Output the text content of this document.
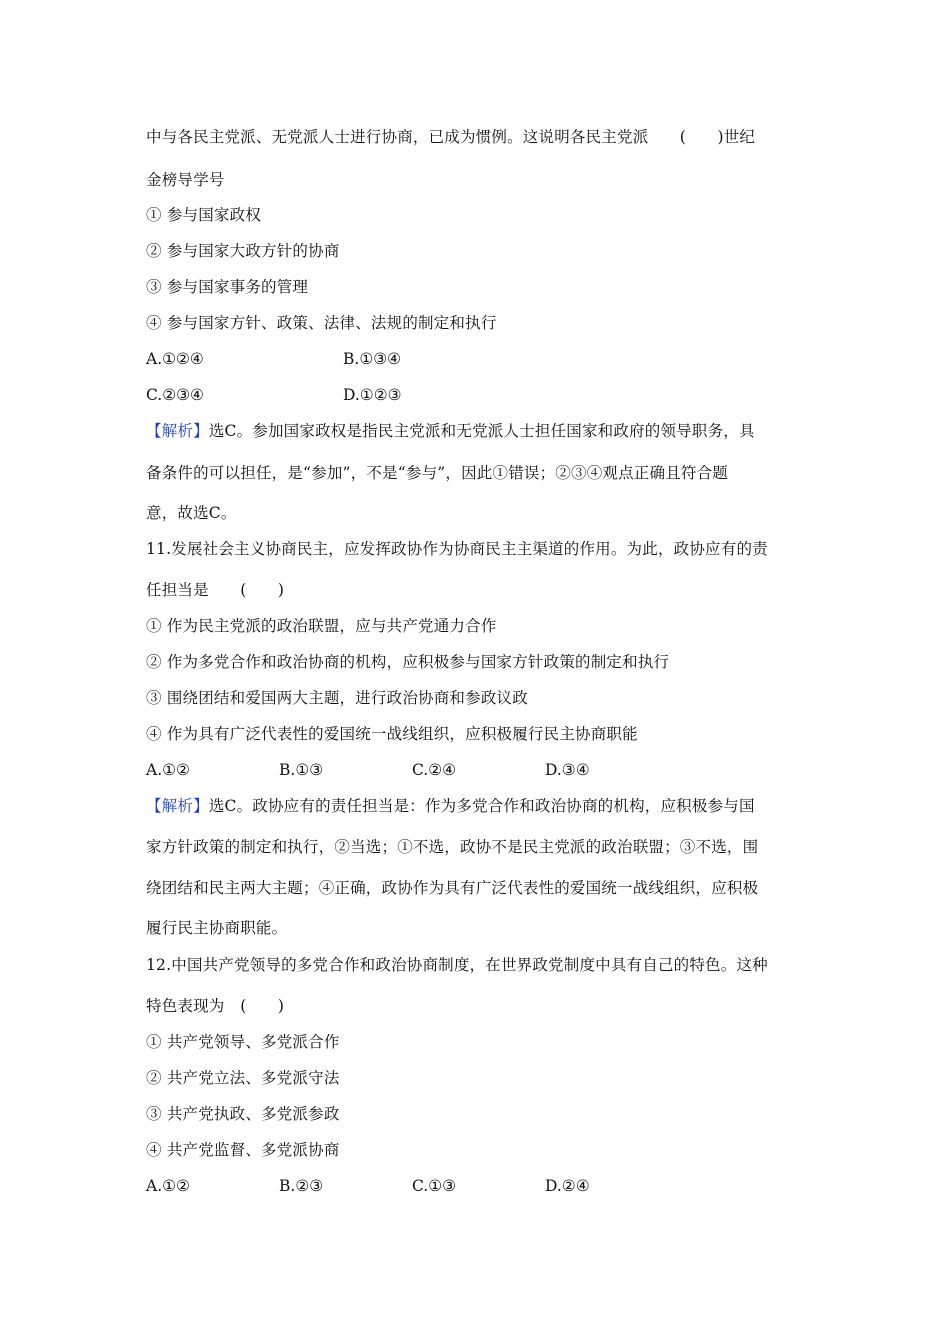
中与各民主党派、无党派人士进行协商，已成为惯例。这说明各民主党派　　(　　)世纪
金榜导学号
① 参与国家政权
② 参与国家大政方针的协商
③ 参与国家事务的管理
④ 参与国家方针、政策、法律、法规的制定和执行
A.①②④	B.①③④
C.②③④	D.①②③
【解析】选C。参加国家政权是指民主党派和无党派人士担任国家和政府的领导职务，具
备条件的可以担任，是“参加”，不是“参与”，因此①错误；②③④观点正确且符合题
意，故选C。
11.发展社会主义协商民主，应发挥政协作为协商民主主渠道的作用。为此，政协应有的责
任担当是　　(　　)
① 作为民主党派的政治联盟，应与共产党通力合作
② 作为多党合作和政治协商的机构，应积极参与国家方针政策的制定和执行
③ 围绕团结和爱国两大主题，进行政治协商和参政议政
④ 作为具有广泛代表性的爱国统一战线组织，应积极履行民主协商职能
A.①②	B.①③	C.②④	D.③④
【解析】选C。政协应有的责任担当是：作为多党合作和政治协商的机构，应积极参与国
家方针政策的制定和执行，②当选；①不选，政协不是民主党派的政治联盟；③不选，围
绕团结和民主两大主题；④正确，政协作为具有广泛代表性的爱国统一战线组织，应积极
履行民主协商职能。
12.中国共产党领导的多党合作和政治协商制度，在世界政党制度中具有自己的特色。这种
特色表现为　(　　)
① 共产党领导、多党派合作
② 共产党立法、多党派守法
③ 共产党执政、多党派参政
④ 共产党监督、多党派协商
A.①②	B.②③	C.①③	D.②④
